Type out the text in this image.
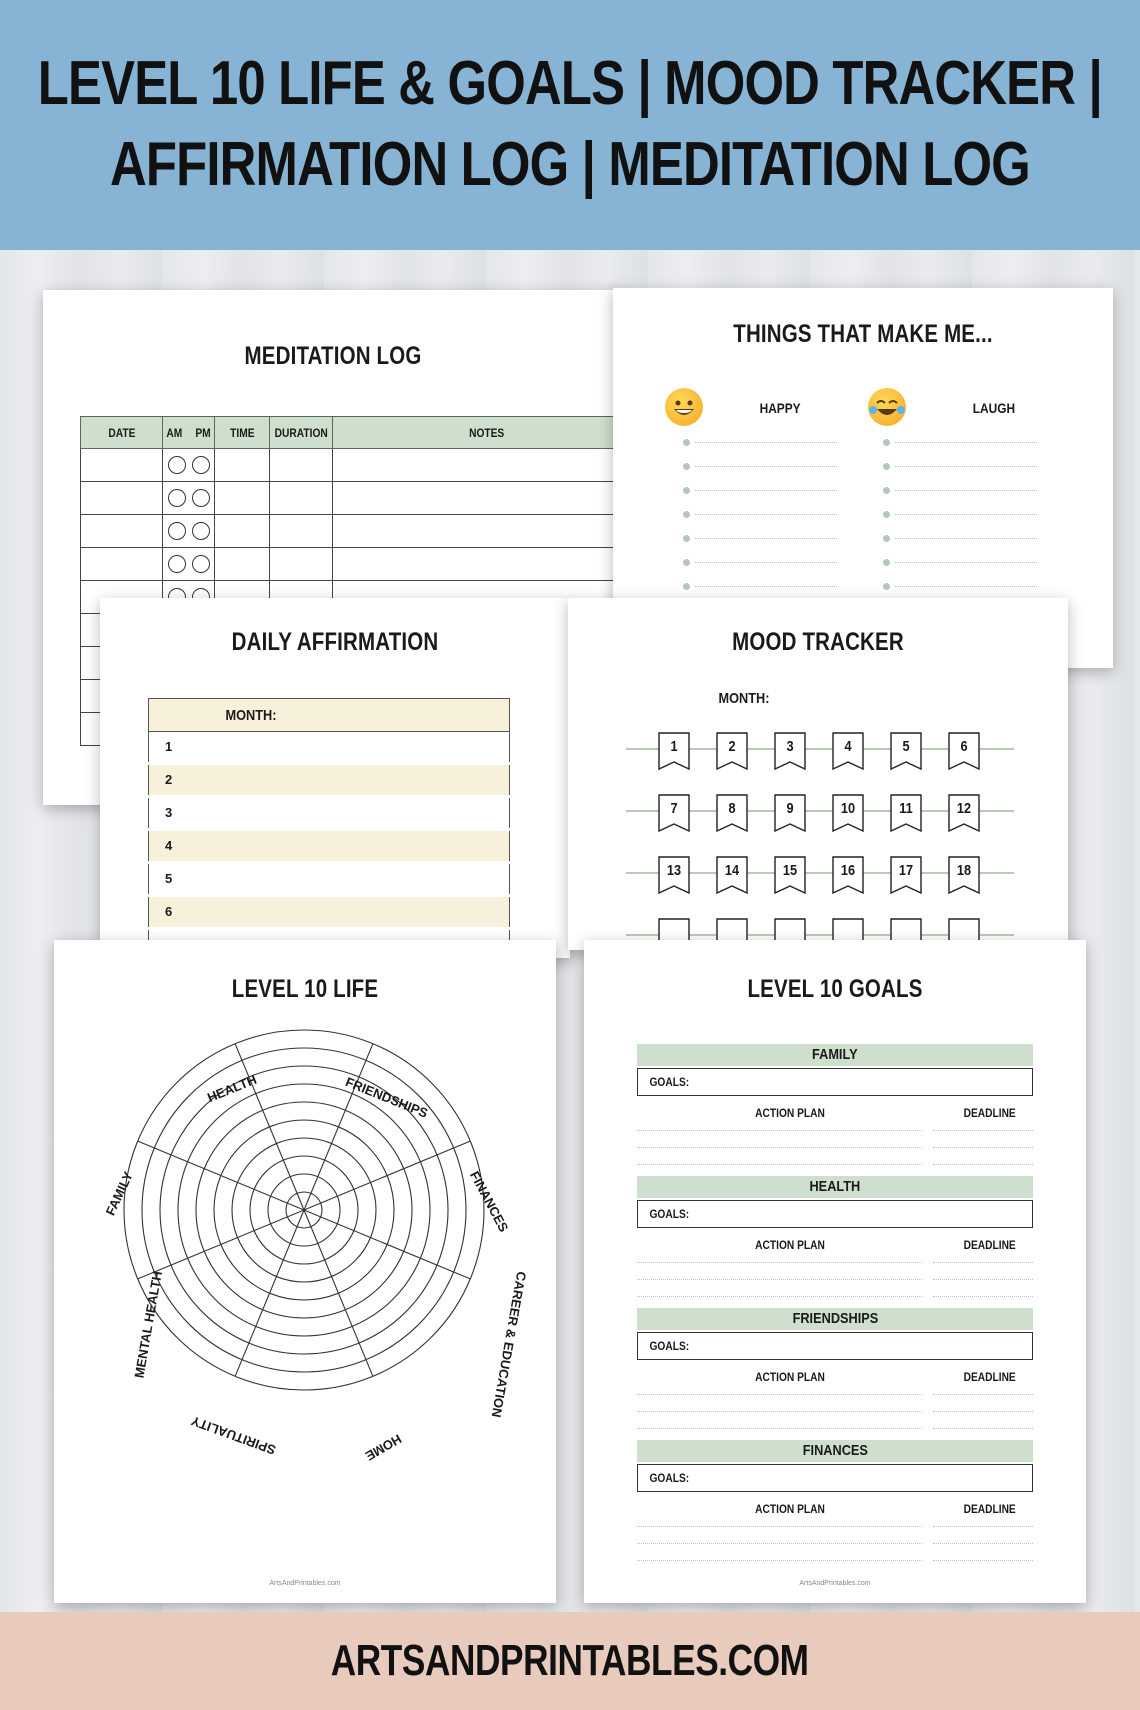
LEVEL 10 LIFE & GOALS | MOOD TRACKER |
AFFIRMATION LOG | MEDITATION LOG
MEDITATION LOG
DATE	AM PM	TIME	DURATION	NOTES

THINGS THAT MAKE ME...
HAPPY	LAUGH
DAILY AFFIRMATION
MONTH:
1
2
3
4
5
6
MOOD TRACKER
MONTH:
1	2	3	4	5	6
7	8	9	10	11	12
13	14	15	16	17	18
LEVEL 10 LIFE
HEALTH	FRIENDSHIPS
FINANCES
CAREER & EDUCATION
HOME
SPIRITUALITY
MENTAL HEALTH
FAMILY
ArtsAndPrintables.com
LEVEL 10 GOALS
FAMILY
GOALS:
ACTION PLAN	DEADLINE
HEALTH
GOALS:
ACTION PLAN	DEADLINE
FRIENDSHIPS
GOALS:
ACTION PLAN	DEADLINE
FINANCES
GOALS:
ACTION PLAN	DEADLINE
ArtsAndPrintables.com
ARTSANDPRINTABLES.COM
